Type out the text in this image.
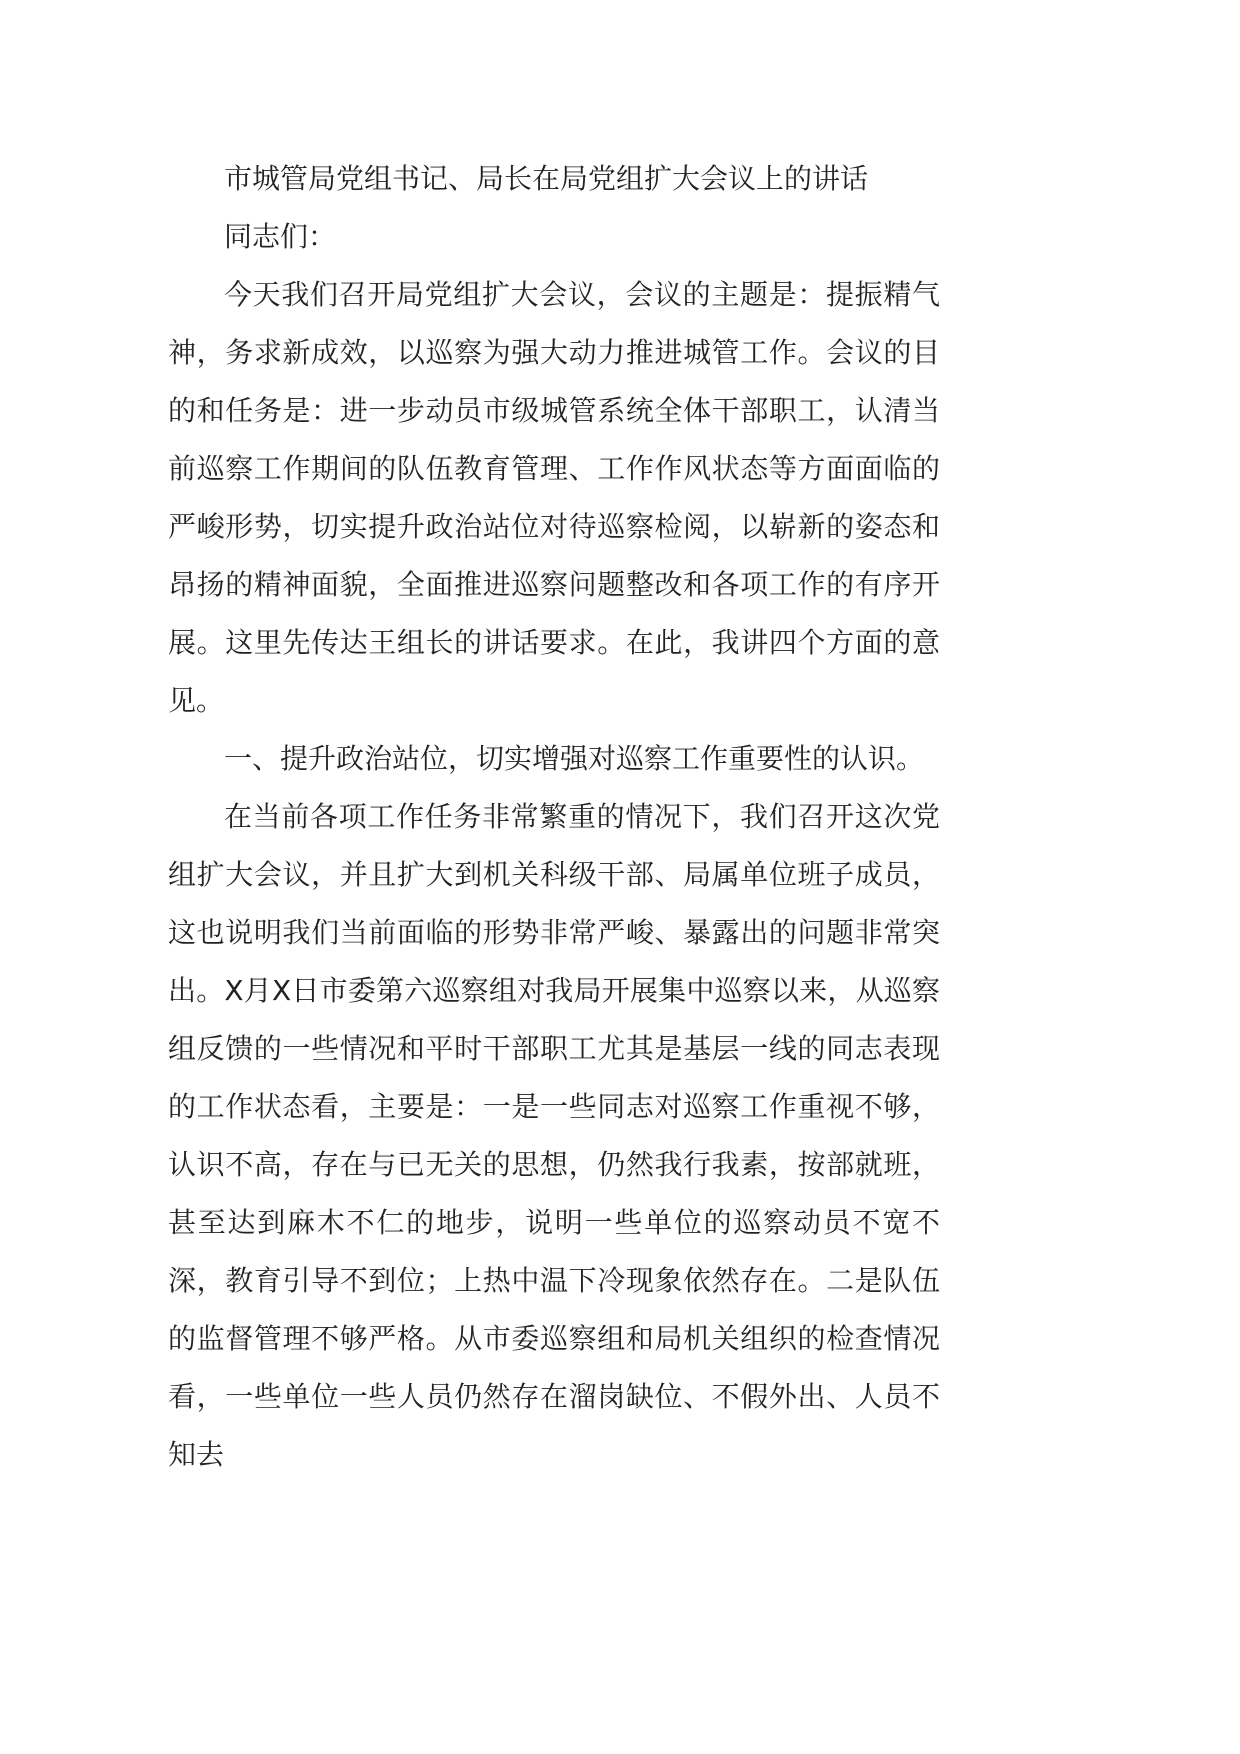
市城管局党组书记、局长在局党组扩大会议上的讲话

同志们：

今天我们召开局党组扩大会议，会议的主题是：提振精气神，务求新成效，以巡察为强大动力推进城管工作。会议的目的和任务是：进一步动员市级城管系统全体干部职工，认清当前巡察工作期间的队伍教育管理、工作作风状态等方面面临的严峻形势，切实提升政治站位对待巡察检阅，以崭新的姿态和昂扬的精神面貌，全面推进巡察问题整改和各项工作的有序开展。这里先传达王组长的讲话要求。在此，我讲四个方面的意见。

一、提升政治站位，切实增强对巡察工作重要性的认识。

在当前各项工作任务非常繁重的情况下，我们召开这次党组扩大会议，并且扩大到机关科级干部、局属单位班子成员，这也说明我们当前面临的形势非常严峻、暴露出的问题非常突出。X月X日市委第六巡察组对我局开展集中巡察以来，从巡察组反馈的一些情况和平时干部职工尤其是基层一线的同志表现的工作状态看，主要是：一是一些同志对巡察工作重视不够，认识不高，存在与已无关的思想，仍然我行我素，按部就班，甚至达到麻木不仁的地步，说明一些单位的巡察动员不宽不深，教育引导不到位；上热中温下冷现象依然存在。二是队伍的监督管理不够严格。从市委巡察组和局机关组织的检查情况看，一些单位一些人员仍然存在溜岗缺位、不假外出、人员不知去
